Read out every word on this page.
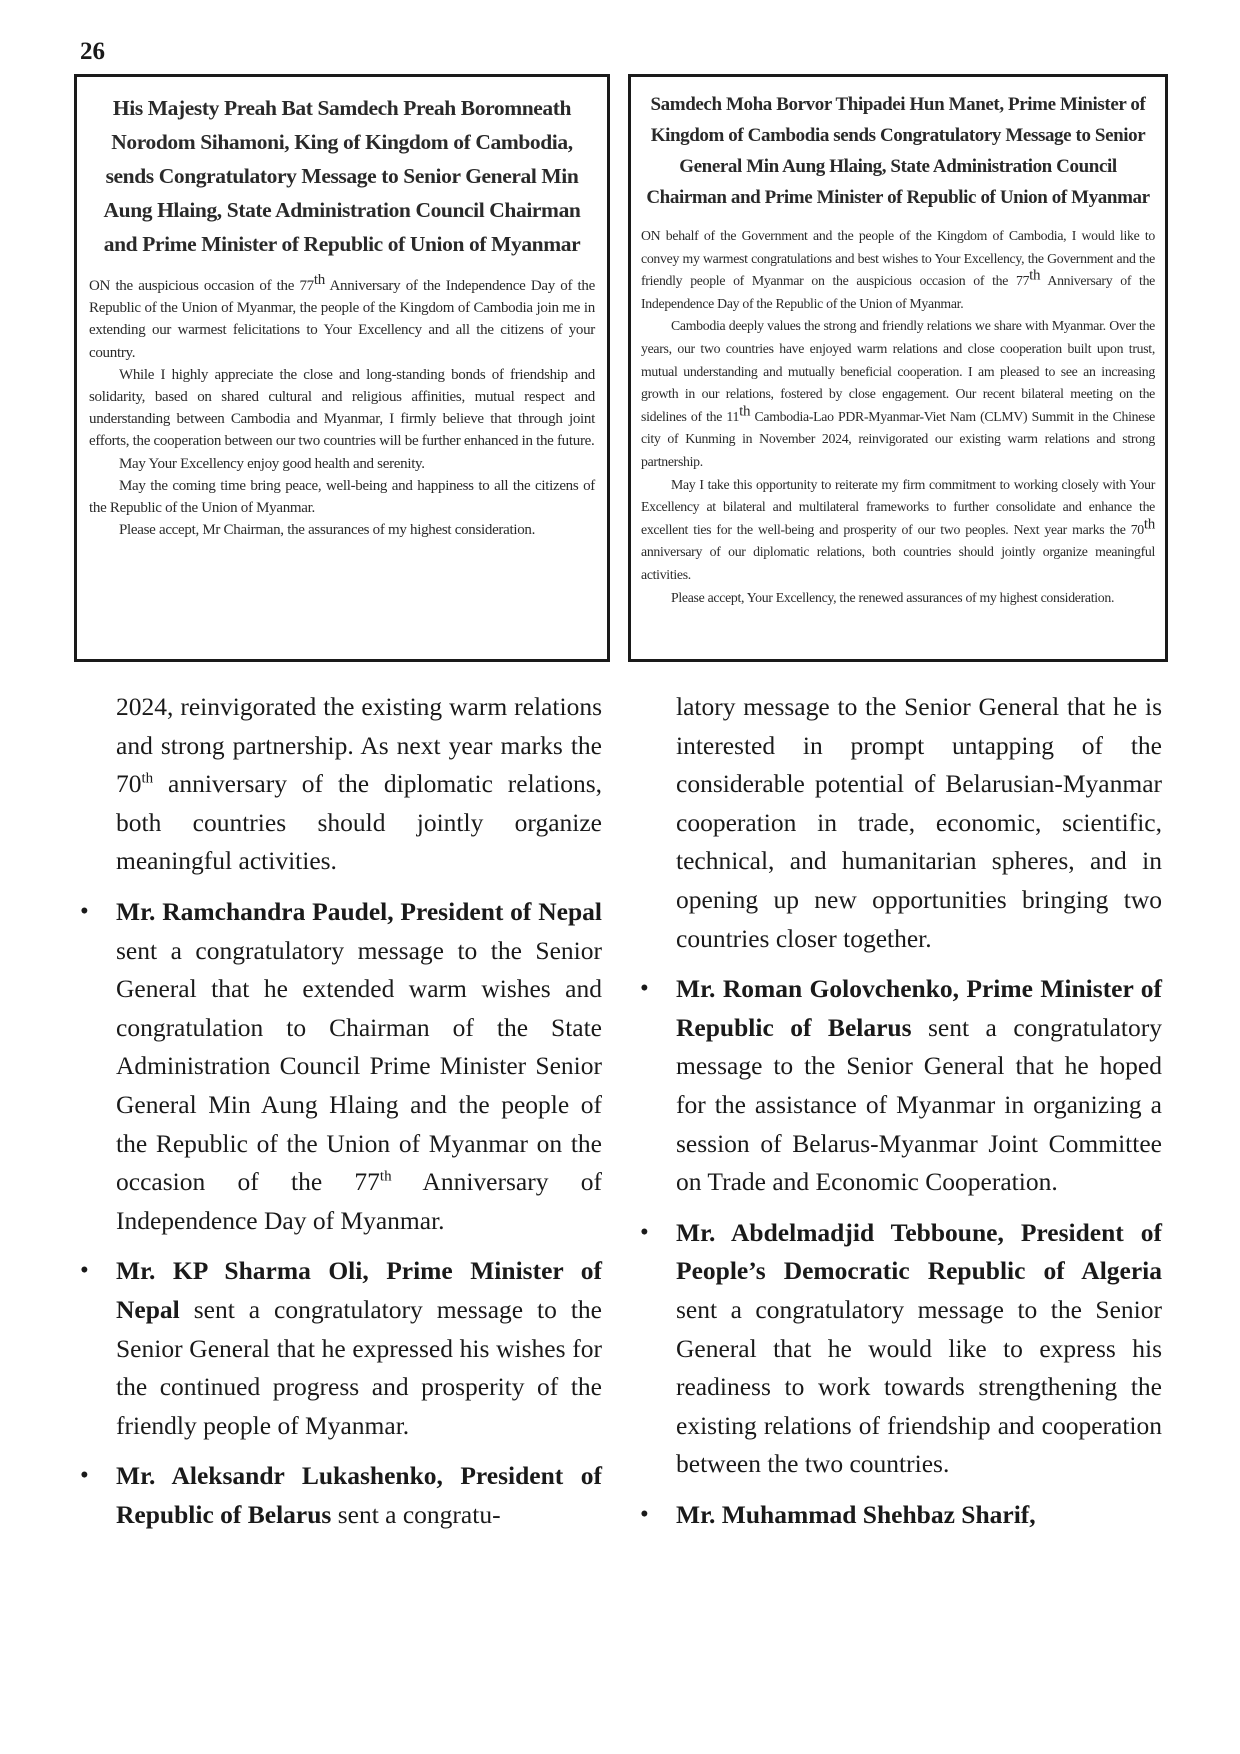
26
His Majesty Preah Bat Samdech Preah Boromneath Norodom Sihamoni, King of Kingdom of Cambodia, sends Congratulatory Message to Senior General Min Aung Hlaing, State Administration Council Chairman and Prime Minister of Republic of Union of Myanmar

ON the auspicious occasion of the 77th Anniversary of the Independence Day of the Republic of the Union of Myanmar, the people of the Kingdom of Cambodia join me in extending our warmest felicitations to Your Excellency and all the citizens of your country.

While I highly appreciate the close and long-standing bonds of friendship and solidarity, based on shared cultural and religious affinities, mutual respect and understanding between Cambodia and Myanmar, I firmly believe that through joint efforts, the cooperation between our two countries will be further enhanced in the future.

May Your Excellency enjoy good health and serenity.

May the coming time bring peace, well-being and happiness to all the citizens of the Republic of the Union of Myanmar.

Please accept, Mr Chairman, the assurances of my highest consideration.

Samdech Moha Borvor Thipadei Hun Manet, Prime Minister of Kingdom of Cambodia sends Congratulatory Message to Senior General Min Aung Hlaing, State Administration Council Chairman and Prime Minister of Republic of Union of Myanmar

ON behalf of the Government and the people of the Kingdom of Cambodia, I would like to convey my warmest congratulations and best wishes to Your Excellency, the Government and the friendly people of Myanmar on the auspicious occasion of the 77th Anniversary of the Independence Day of the Republic of the Union of Myanmar.

Cambodia deeply values the strong and friendly relations we share with Myanmar. Over the years, our two countries have enjoyed warm relations and close cooperation built upon trust, mutual understanding and mutually beneficial cooperation. I am pleased to see an increasing growth in our relations, fostered by close engagement. Our recent bilateral meeting on the sidelines of the 11th Cambodia-Lao PDR-Myanmar-Viet Nam (CLMV) Summit in the Chinese city of Kunming in November 2024, reinvigorated our existing warm relations and strong partnership.

May I take this opportunity to reiterate my firm commitment to working closely with Your Excellency at bilateral and multilateral frameworks to further consolidate and enhance the excellent ties for the well-being and prosperity of our two peoples. Next year marks the 70th anniversary of our diplomatic relations, both countries should jointly organize meaningful activities.

Please accept, Your Excellency, the renewed assurances of my highest consideration.

2024, reinvigorated the existing warm relations and strong partnership. As next year marks the 70th anniversary of the diplomatic relations, both countries should jointly organize meaningful activities.

• Mr. Ramchandra Paudel, President of Nepal sent a congratulatory message to the Senior General that he extended warm wishes and congratulation to Chairman of the State Administration Council Prime Minister Senior General Min Aung Hlaing and the people of the Republic of the Union of Myanmar on the occasion of the 77th Anniversary of Independence Day of Myanmar.

• Mr. KP Sharma Oli, Prime Minister of Nepal sent a congratulatory message to the Senior General that he expressed his wishes for the continued progress and prosperity of the friendly people of Myanmar.

• Mr. Aleksandr Lukashenko, President of Republic of Belarus sent a congratu-

latory message to the Senior General that he is interested in prompt untapping of the considerable potential of Belarusian-Myanmar cooperation in trade, economic, scientific, technical, and humanitarian spheres, and in opening up new opportunities bringing two countries closer together.

• Mr. Roman Golovchenko, Prime Minister of Republic of Belarus sent a congratulatory message to the Senior General that he hoped for the assistance of Myanmar in organizing a session of Belarus-Myanmar Joint Committee on Trade and Economic Cooperation.

• Mr. Abdelmadjid Tebboune, President of People’s Democratic Republic of Algeria sent a congratulatory message to the Senior General that he would like to express his readiness to work towards strengthening the existing relations of friendship and cooperation between the two countries.

• Mr. Muhammad Shehbaz Sharif,
